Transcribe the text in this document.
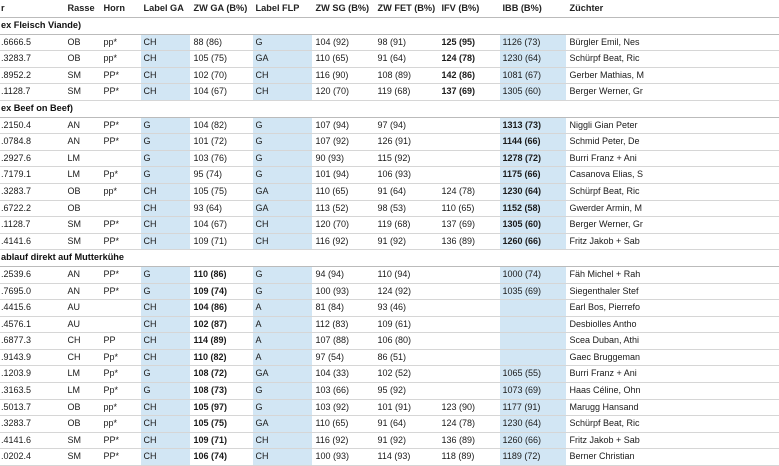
r	Rasse	Horn	Label GA	ZW GA (B%)	Label FLP	ZW SG (B%)	ZW FET (B%)	IFV (B%)	IBB (B%)	Züchter
ex Fleisch Viande)										
.6666.5	OB	pp*	CH	88 (86)	G	104 (92)	98 (91)	125 (95)	1126 (73)	Bürgler Emil, Nes
.3283.7	OB	pp*	CH	105 (75)	GA	110 (65)	91 (64)	124 (78)	1230 (64)	Schürpf Beat, Ric
.8952.2	SM	PP*	CH	102 (70)	CH	116 (90)	108 (89)	142 (86)	1081 (67)	Gerber Mathias, M
.1128.7	SM	PP*	CH	104 (67)	CH	120 (70)	119 (68)	137 (69)	1305 (60)	Berger Werner, Gr
ex Beef on Beef)										
.2150.4	AN	PP*	G	104 (82)	G	107 (94)	97 (94)		1313 (73)	Niggli Gian Peter
.0784.8	AN	PP*	G	101 (72)	G	107 (92)	126 (91)		1144 (66)	Schmid Peter, De
.2927.6	LM		G	103 (76)	G	90 (93)	115 (92)		1278 (72)	Burri Franz + Ani
.7179.1	LM	Pp*	G	95 (74)	G	101 (94)	106 (93)		1175 (66)	Casanova Elias, S
.3283.7	OB	pp*	CH	105 (75)	GA	110 (65)	91 (64)	124 (78)	1230 (64)	Schürpf Beat, Ric
.6722.2	OB		CH	93 (64)	GA	113 (52)	98 (53)	110 (65)	1152 (58)	Gwerder Armin, M
.1128.7	SM	PP*	CH	104 (67)	CH	120 (70)	119 (68)	137 (69)	1305 (60)	Berger Werner, Gr
.4141.6	SM	PP*	CH	109 (71)	CH	116 (92)	91 (92)	136 (89)	1260 (66)	Fritz Jakob + Sab
ablauf direkt auf Mutterkühe										
.2539.6	AN	PP*	G	110 (86)	G	94 (94)	110 (94)		1000 (74)	Fäh Michel + Rah
.7695.0	AN	PP*	G	109 (74)	G	100 (93)	124 (92)		1035 (69)	Siegenthaler Stef
.4415.6	AU		CH	104 (86)	A	81 (84)	93 (46)			Earl Bos, Pierrefo
.4576.1	AU		CH	102 (87)	A	112 (83)	109 (61)			Desbiolles Antho
.6877.3	CH	PP	CH	114 (89)	A	107 (88)	106 (80)			Scea Duban, Athi
.9143.9	CH	Pp*	CH	110 (82)	A	97 (54)	86 (51)			Gaec Bruggeman
.1203.9	LM	Pp*	G	108 (72)	GA	104 (33)	102 (52)		1065 (55)	Burri Franz + Ani
.3163.5	LM	Pp*	G	108 (73)	G	103 (66)	95 (92)		1073 (69)	Haas Céline, Ohn
.5013.7	OB	pp*	CH	105 (97)	G	103 (92)	101 (91)	123 (90)	1177 (91)	Marugg Hansand
.3283.7	OB	pp*	CH	105 (75)	GA	110 (65)	91 (64)	124 (78)	1230 (64)	Schürpf Beat, Ric
.4141.6	SM	PP*	CH	109 (71)	CH	116 (92)	91 (92)	136 (89)	1260 (66)	Fritz Jakob + Sab
.0202.4	SM	PP*	CH	106 (74)	CH	100 (93)	114 (93)	118 (89)	1189 (72)	Berner Christian
